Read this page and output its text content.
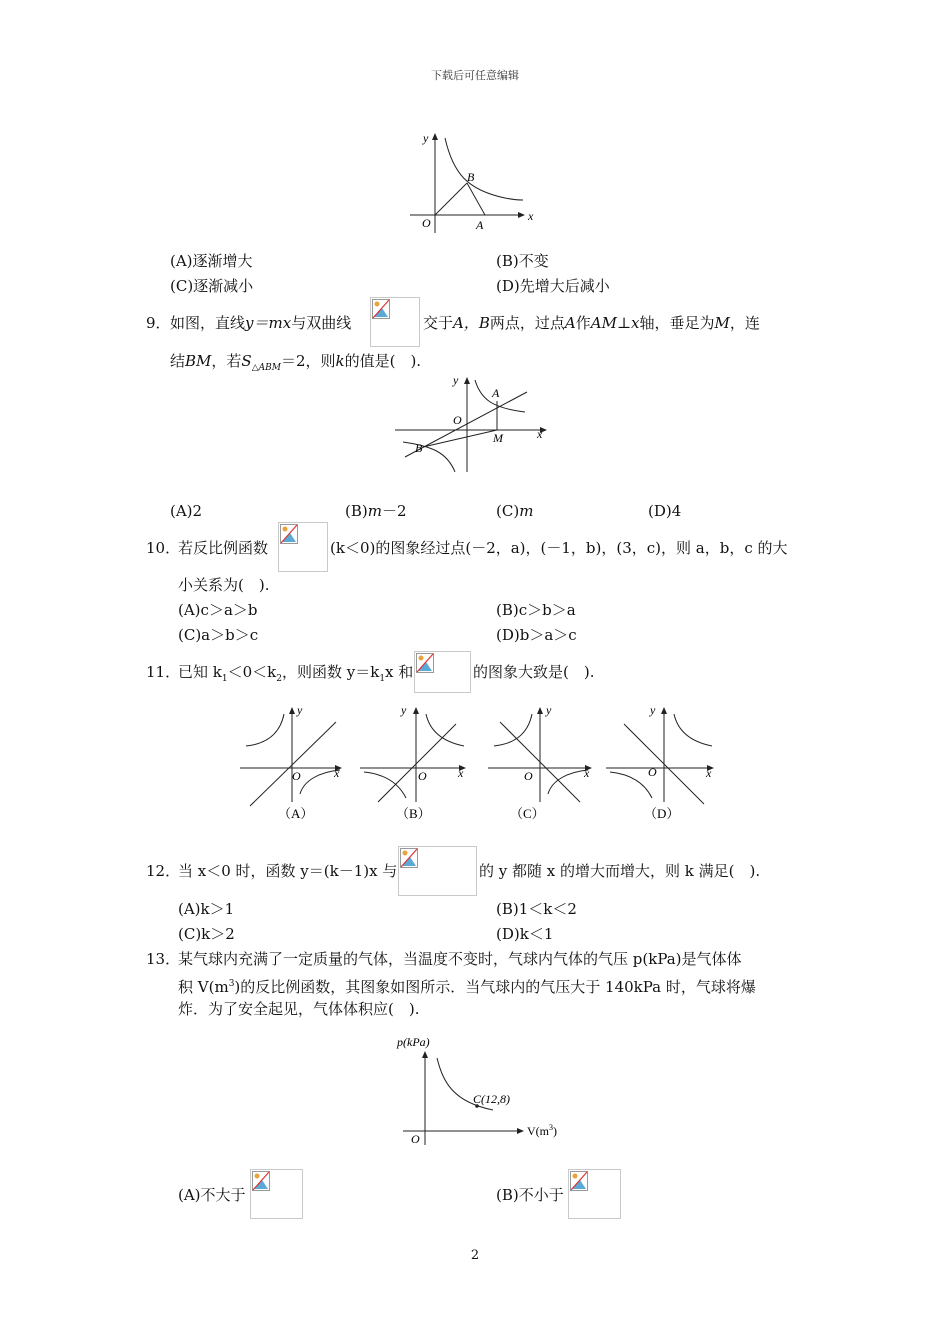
下载后可任意编辑
y
x
O
B
A
(A)逐渐增大	(B)不变
(C)逐渐减小	(D)先增大后减小
9． 如图，直线y＝mx与双曲线	交于A，B两点，过点A作AM⊥x轴，垂足为M，连
结BM，若$S_{\triangle ABM}=2$，则k的值是(　).
y
x
O
A
B
M
(A)2	(B)m－2	(C)m	(D)4
10．
若反比例函数	(k＜0)的图象经过点(－2，a)，(－1，b)，(3，c)，则 a，b，c 的大
小关系为(　).
(A)c＞a＞b	(B)c＞b＞a
(C)a＞b＞c	(D)b＞a＞c
11．
已知 $k_1<0<k_2$，则函数 $y=k_1x$ 和	的图象大致是(　).
y
x
O
（A）
y
x
O
（B）
y
x
O
（C）
y
x
O
（D）
12．
当 x＜0 时，函数 y＝(k－1)x 与	的 y 都随 x 的增大而增大，则 k 满足(　).
(A)k＞1	(B)1＜k＜2
(C)k＞2	(D)k＜1
13．
某气球内充满了一定质量的气体，当温度不变时，气球内气体的气压 p(kPa)是气体体
积 $V(m^3)$的反比例函数，其图象如图所示．当气球内的气压大于 140kPa 时，气球将爆
炸．为了安全起见，气体体积应(　).
p(kPa)
$V(m^3)$
C(12,8)
O
(A)不大于	(B)不小于
2
